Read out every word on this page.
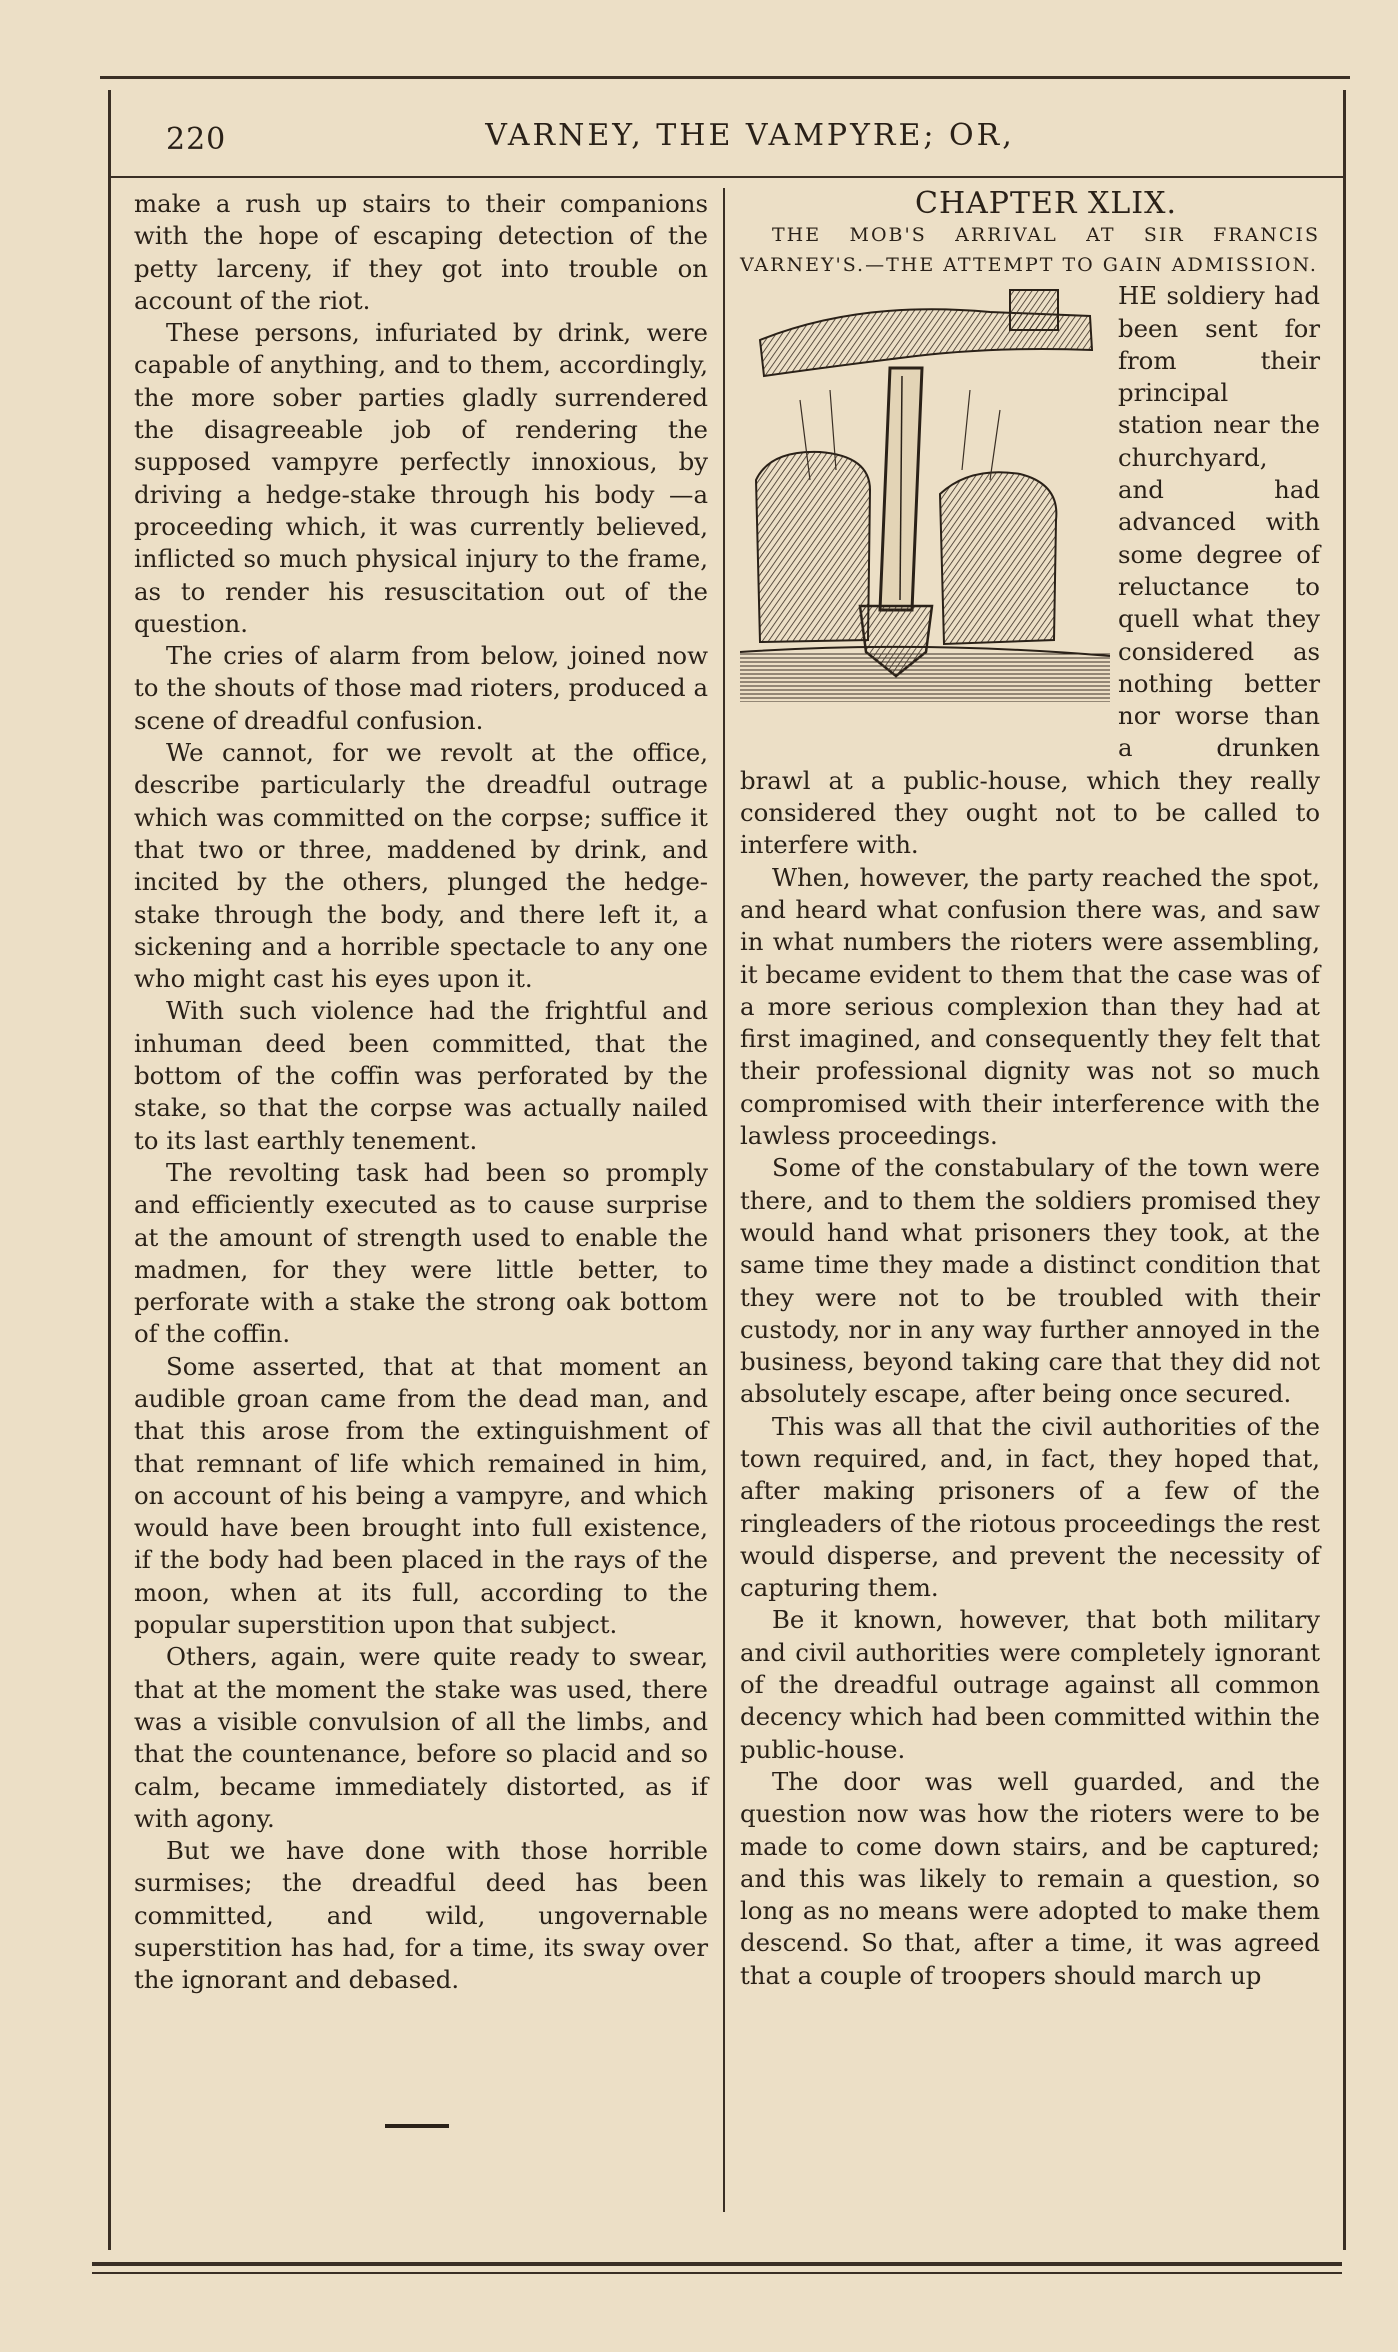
220	VARNEY, THE VAMPYRE; OR,

make a rush up stairs to their companions with the hope of escaping detection of the petty larceny, if they got into trouble on account of the riot.

These persons, infuriated by drink, were capable of anything, and to them, accordingly, the more sober parties gladly surrendered the disagreeable job of rendering the supposed vampyre perfectly innoxious, by driving a hedge-stake through his body —a proceeding which, it was currently believed, inflicted so much physical injury to the frame, as to render his resuscitation out of the question.

The cries of alarm from below, joined now to the shouts of those mad rioters, produced a scene of dreadful confusion.

We cannot, for we revolt at the office, describe particularly the dreadful outrage which was committed on the corpse; suffice it that two or three, maddened by drink, and incited by the others, plunged the hedge-stake through the body, and there left it, a sickening and a horrible spectacle to any one who might cast his eyes upon it.

With such violence had the frightful and inhuman deed been committed, that the bottom of the coffin was perforated by the stake, so that the corpse was actually nailed to its last earthly tenement.

The revolting task had been so promply and efficiently executed as to cause surprise at the amount of strength used to enable the madmen, for they were little better, to perforate with a stake the strong oak bottom of the coffin.

Some asserted, that at that moment an audible groan came from the dead man, and that this arose from the extinguishment of that remnant of life which remained in him, on account of his being a vampyre, and which would have been brought into full existence, if the body had been placed in the rays of the moon, when at its full, according to the popular superstition upon that subject.

Others, again, were quite ready to swear, that at the moment the stake was used, there was a visible convulsion of all the limbs, and that the countenance, before so placid and so calm, became immediately distorted, as if with agony.

But we have done with those horrible surmises; the dreadful deed has been committed, and wild, ungovernable superstition has had, for a time, its sway over the ignorant and debased.

CHAPTER XLIX.

THE MOB'S ARRIVAL AT SIR FRANCIS VARNEY'S.—THE ATTEMPT TO GAIN ADMISSION.

HE soldiery had been sent for from their principal station near the churchyard, and had advanced with some degree of reluctance to quell what they considered as nothing better nor worse than a drunken brawl at a public-house, which they really considered they ought not to be called to interfere with.

When, however, the party reached the spot, and heard what confusion there was, and saw in what numbers the rioters were assembling, it became evident to them that the case was of a more serious complexion than they had at first imagined, and consequently they felt that their professional dignity was not so much compromised with their interference with the lawless proceedings.

Some of the constabulary of the town were there, and to them the soldiers promised they would hand what prisoners they took, at the same time they made a distinct condition that they were not to be troubled with their custody, nor in any way further annoyed in the business, beyond taking care that they did not absolutely escape, after being once secured.

This was all that the civil authorities of the town required, and, in fact, they hoped that, after making prisoners of a few of the ringleaders of the riotous proceedings the rest would disperse, and prevent the necessity of capturing them.

Be it known, however, that both military and civil authorities were completely ignorant of the dreadful outrage against all common decency which had been committed within the public-house.

The door was well guarded, and the question now was how the rioters were to be made to come down stairs, and be captured; and this was likely to remain a question, so long as no means were adopted to make them descend. So that, after a time, it was agreed that a couple of troopers should march up
